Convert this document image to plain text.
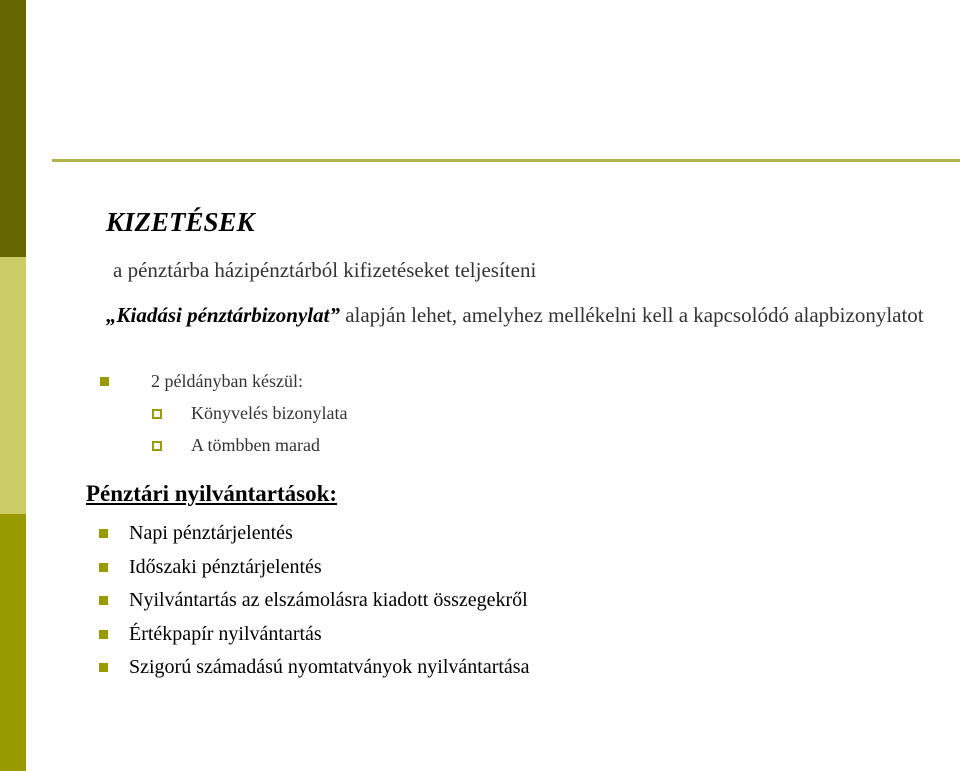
KIZETÉSEK

a pénztárba házipénztárból kifizetéseket teljesíteni

„Kiadási pénztárbizonylat” alapján lehet, amelyhez mellékelni kell a kapcsolódó alapbizonylatot

2 példányban készül:
Könyvelés bizonylata
A tömbben marad
Pénztári nyilvántartások:
Napi pénztárjelentés
Időszaki pénztárjelentés
Nyilvántartás az elszámolásra kiadott összegekről
Értékpapír nyilvántartás
Szigorú számadású nyomtatványok nyilvántartása
